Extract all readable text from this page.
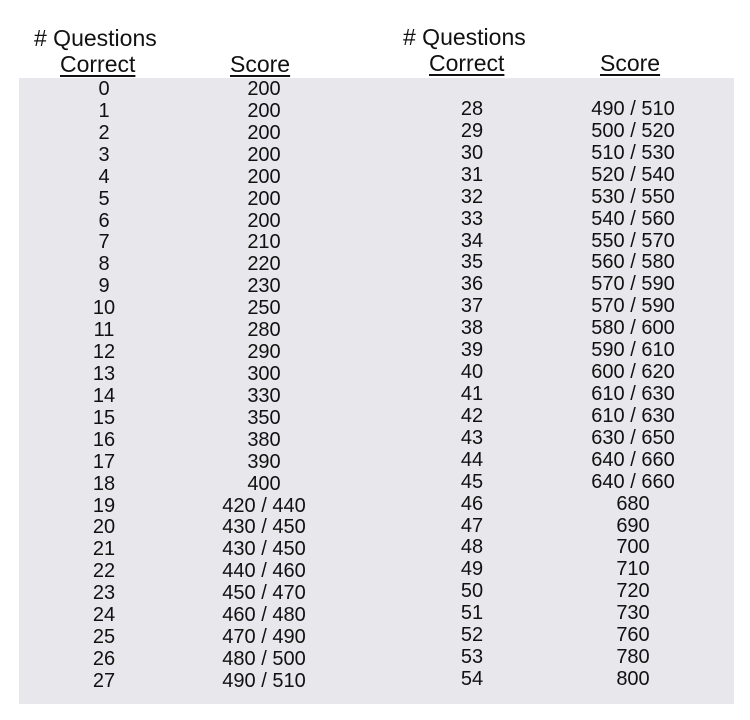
# Questions
Correct	Score
# Questions
Correct	Score
0
1
2
3
4
5
6
7
8
9
10
11
12
13
14
15
16
17
18
19
20
21
22
23
24
25
26
27
200
200
200
200
200
200
200
210
220
230
250
280
290
300
330
350
380
390
400
420 / 440
430 / 450
430 / 450
440 / 460
450 / 470
460 / 480
470 / 490
480 / 500
490 / 510
28
29
30
31
32
33
34
35
36
37
38
39
40
41
42
43
44
45
46
47
48
49
50
51
52
53
54
490 / 510
500 / 520
510 / 530
520 / 540
530 / 550
540 / 560
550 / 570
560 / 580
570 / 590
570 / 590
580 / 600
590 / 610
600 / 620
610 / 630
610 / 630
630 / 650
640 / 660
640 / 660
680
690
700
710
720
730
760
780
800
